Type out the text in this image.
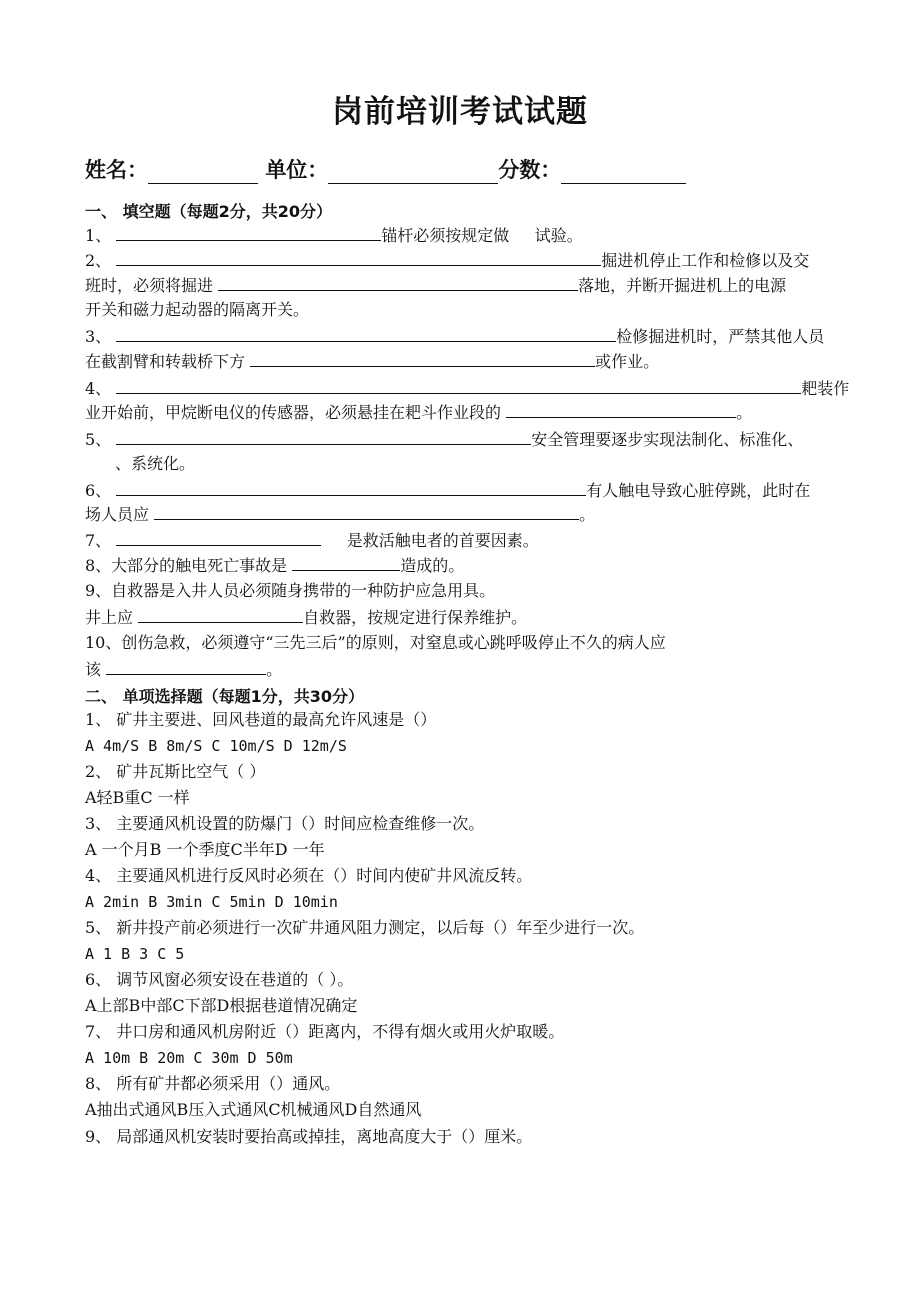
岗前培训考试试题
姓名：	单位：	分数：
一、 填空题（每题2分，共20分）
1、	锚杆必须按规定做 试验。
2、	掘进机停止工作和检修以及交
班时，必须将掘进	落地，并断开掘进机上的电源
开关和磁力起动器的隔离开关。
3、	检修掘进机时，严禁其他人员
在截割臂和转载桥下方	或作业。
4、	耙装作
业开始前，甲烷断电仪的传感器，必须悬挂在耙斗作业段的	。
5、	安全管理要逐步实现法制化、标准化、
、系统化。
6、	有人触电导致心脏停跳，此时在
场人员应	。
7、	是救活触电者的首要因素。
8、大部分的触电死亡事故是	造成的。
9、自救器是入井人员必须随身携带的一种防护应急用具。
井上应	自救器，按规定进行保养维护。
10、创伤急救，必须遵守“三先三后”的原则，对窒息或心跳呼吸停止不久的病人应
该	。
二、 单项选择题（每题1分，共30分）
1、 矿井主要进、回风巷道的最高允许风速是（）
A 4m/S B 8m/S C 10m/S D 12m/S
2、 矿井瓦斯比空气（ ）
A轻B重C 一样
3、 主要通风机设置的防爆门（）时间应检查维修一次。
A 一个月B 一个季度C半年D 一年
4、 主要通风机进行反风时必须在（）时间内使矿井风流反转。
A 2min B 3min C 5min D 10min
5、 新井投产前必须进行一次矿井通风阻力测定，以后每（）年至少进行一次。
A 1 B 3 C 5
6、 调节风窗必须安设在巷道的（ ）。
A上部B中部C下部D根据巷道情况确定
7、 井口房和通风机房附近（）距离内，不得有烟火或用火炉取暖。
A 10m B 20m C 30m D 50m
8、 所有矿井都必须采用（）通风。
A抽出式通风B压入式通风C机械通风D自然通风
9、 局部通风机安装时要抬高或掉挂，离地高度大于（）厘米。
